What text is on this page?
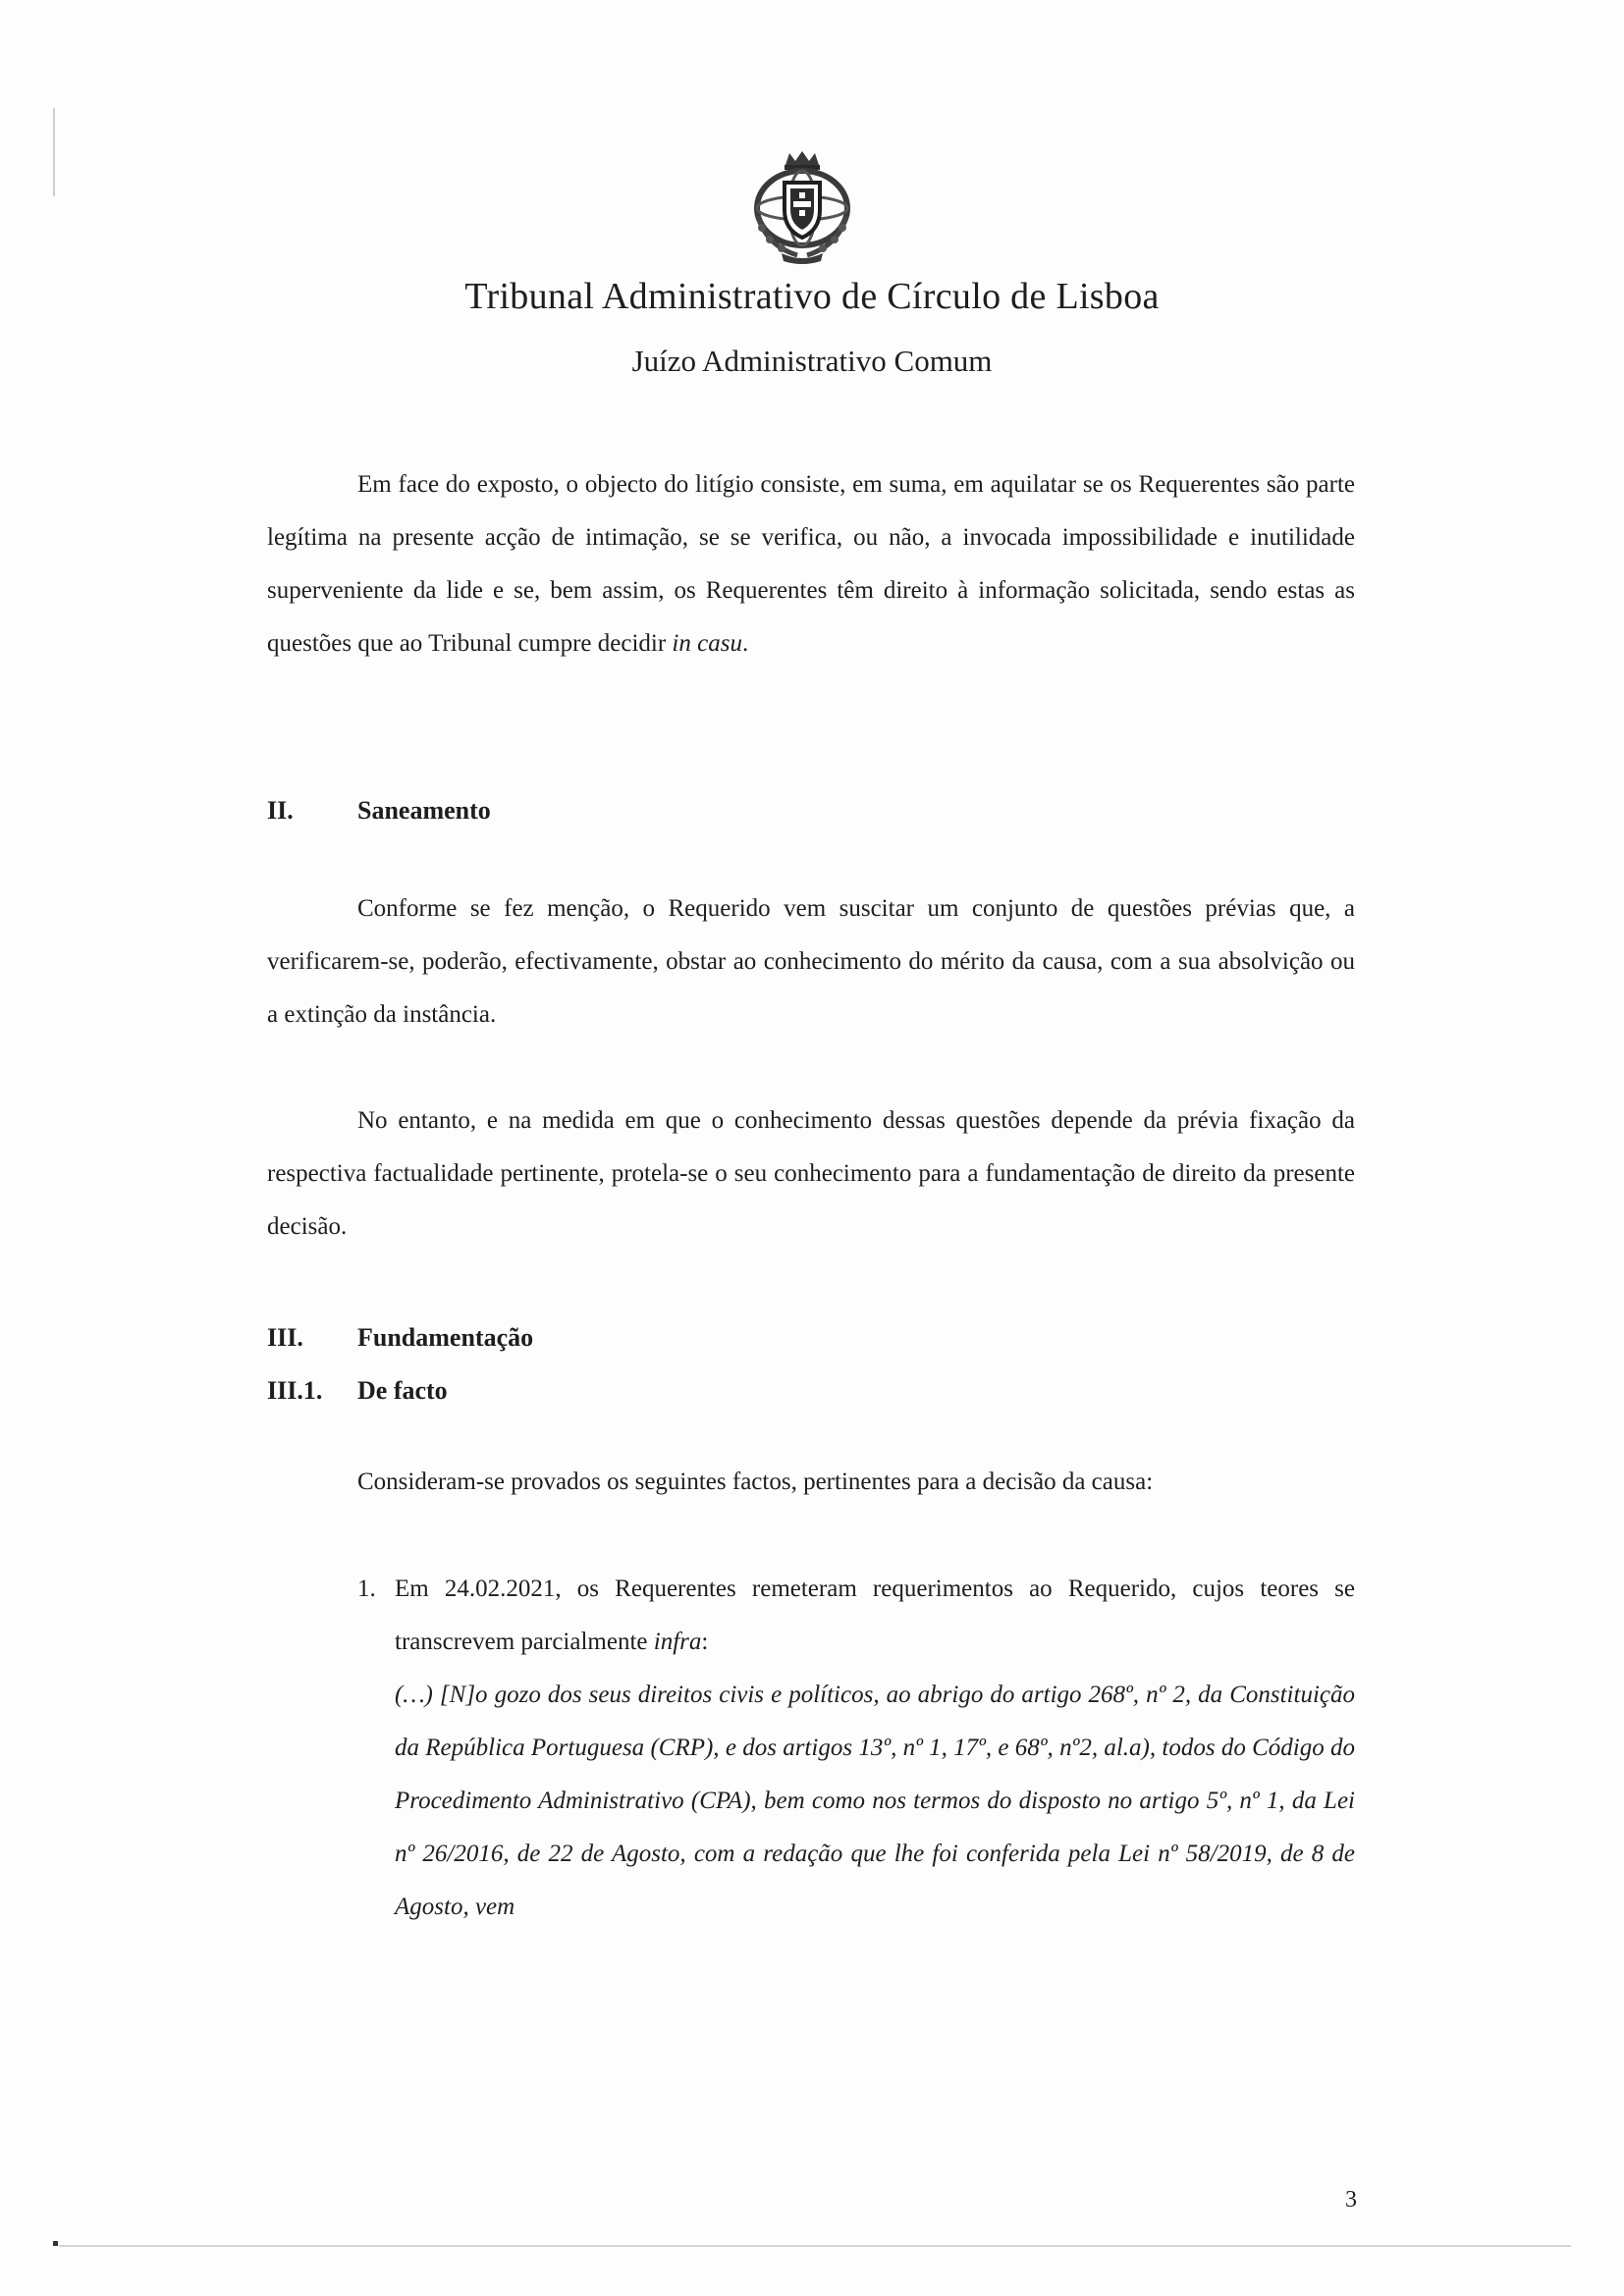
Tribunal Administrativo de Círculo de Lisboa
Juízo Administrativo Comum

Em face do exposto, o objecto do litígio consiste, em suma, em aquilatar se os Requerentes são parte legítima na presente acção de intimação, se se verifica, ou não, a invocada impossibilidade e inutilidade superveniente da lide e se, bem assim, os Requerentes têm direito à informação solicitada, sendo estas as questões que ao Tribunal cumpre decidir in casu.

II.	Saneamento

Conforme se fez menção, o Requerido vem suscitar um conjunto de questões prévias que, a verificarem-se, poderão, efectivamente, obstar ao conhecimento do mérito da causa, com a sua absolvição ou a extinção da instância.

No entanto, e na medida em que o conhecimento dessas questões depende da prévia fixação da respectiva factualidade pertinente, protela-se o seu conhecimento para a fundamentação de direito da presente decisão.

III. Fundamentação

III.1. De facto

Consideram-se provados os seguintes factos, pertinentes para a decisão da causa:

1. Em 24.02.2021, os Requerentes remeteram requerimentos ao Requerido, cujos teores se transcrevem parcialmente infra:

(…) [N]o gozo dos seus direitos civis e políticos, ao abrigo do artigo 268º, nº 2, da Constituição da República Portuguesa (CRP), e dos artigos 13º, nº 1, 17º, e 68º, nº2, al.a), todos do Código do Procedimento Administrativo (CPA), bem como nos termos do disposto no artigo 5º, nº 1, da Lei nº 26/2016, de 22 de Agosto, com a redação que lhe foi conferida pela Lei nº 58/2019, de 8 de Agosto, vem

3
